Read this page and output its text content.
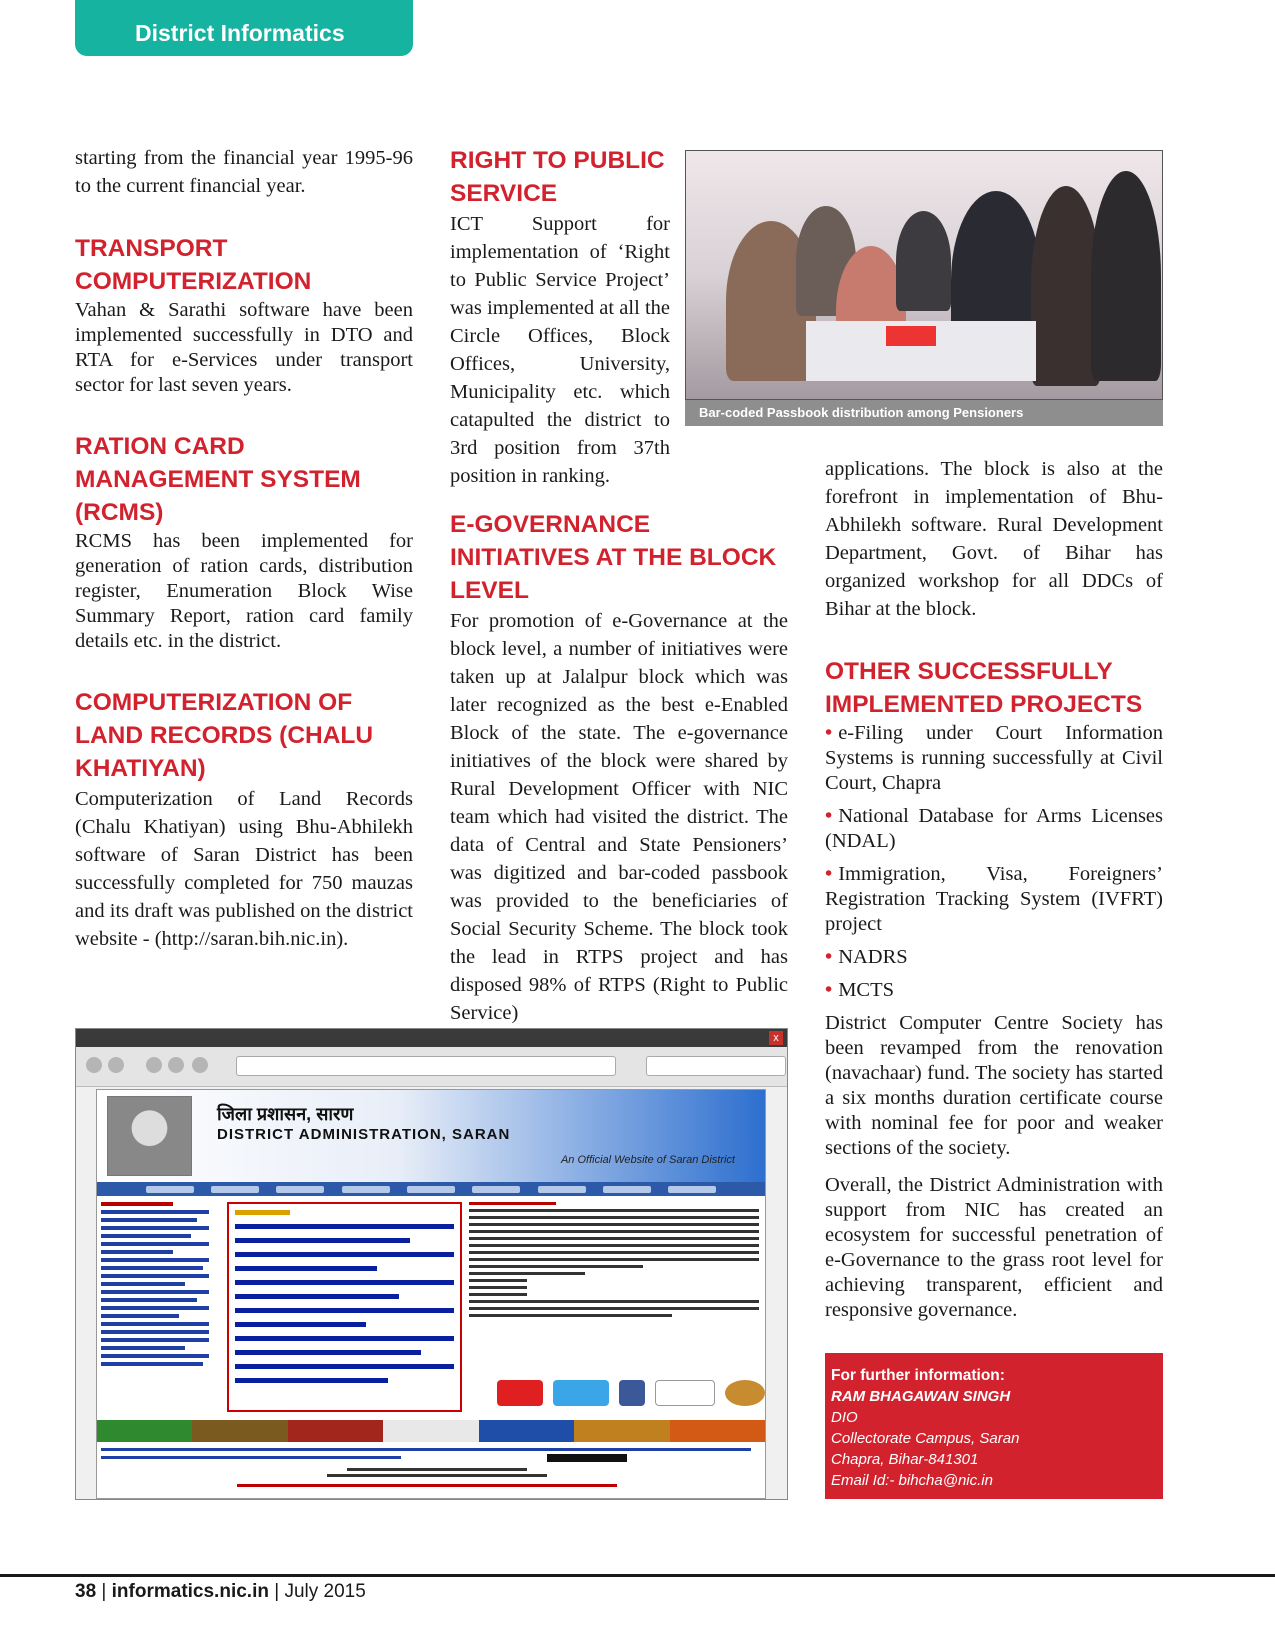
District Informatics

starting from the financial year 1995-96 to the current financial year.

TRANSPORT COMPUTERIZATION

Vahan & Sarathi software have been implemented successfully in DTO and RTA for e-Services under transport sector for last seven years.

RATION CARD MANAGEMENT SYSTEM (RCMS)

RCMS has been implemented for generation of ration cards, distribution register, Enumeration Block Wise Summary Report, ration card family details etc. in the district.

COMPUTERIZATION OF LAND RECORDS (CHALU KHATIYAN)

Computerization of Land Records (Chalu Khatiyan) using Bhu-Abhilekh software of Saran District has been successfully completed for 750 mauzas and its draft was published on the district website - (http://saran.bih.nic.in).

RIGHT TO PUBLIC SERVICE

ICT Support for implementation of ‘Right to Public Service Project’ was implemented at all the Circle Offices, Block Offices, University, Municipality etc. which catapulted the district to 3rd position from 37th position in ranking.

E-GOVERNANCE INITIATIVES AT THE BLOCK LEVEL

For promotion of e-Governance at the block level, a number of initiatives were taken up at Jalalpur block which was later recognized as the best e-Enabled Block of the state. The e-governance initiatives of the block were shared by Rural Development Officer with NIC team which had visited the district. The data of Central and State Pensioners’ was digitized and bar-coded passbook was provided to the beneficiaries of Social Security Scheme. The block took the lead in RTPS project and has disposed 98% of RTPS (Right to Public Service)

Bar-coded Passbook distribution among Pensioners

applications. The block is also at the forefront in implementation of Bhu-Abhilekh software. Rural Development Department, Govt. of Bihar has organized workshop for all DDCs of Bihar at the block.

OTHER SUCCESSFULLY IMPLEMENTED PROJECTS
• e-Filing under Court Information Systems is running successfully at Civil Court, Chapra
• National Database for Arms Licenses (NDAL)
• Immigration, Visa, Foreigners’ Registration Tracking System (IVFRT) project
• NADRS
• MCTS

District Computer Centre Society has been revamped from the renovation (navachaar) fund. The society has started a six months duration certificate course with nominal fee for poor and weaker sections of the society.

Overall, the District Administration with support from NIC has created an ecosystem for successful penetration of e-Governance to the grass root level for achieving transparent, efficient and responsive governance.

x
जिला प्रशासन, सारण
DISTRICT ADMINISTRATION, SARAN
An Official Website of Saran District
For further information:
RAM BHAGAWAN SINGH
DIO
Collectorate Campus, Saran
Chapra, Bihar-841301
Email Id:- bihcha@nic.in
38 | informatics.nic.in | July 2015
